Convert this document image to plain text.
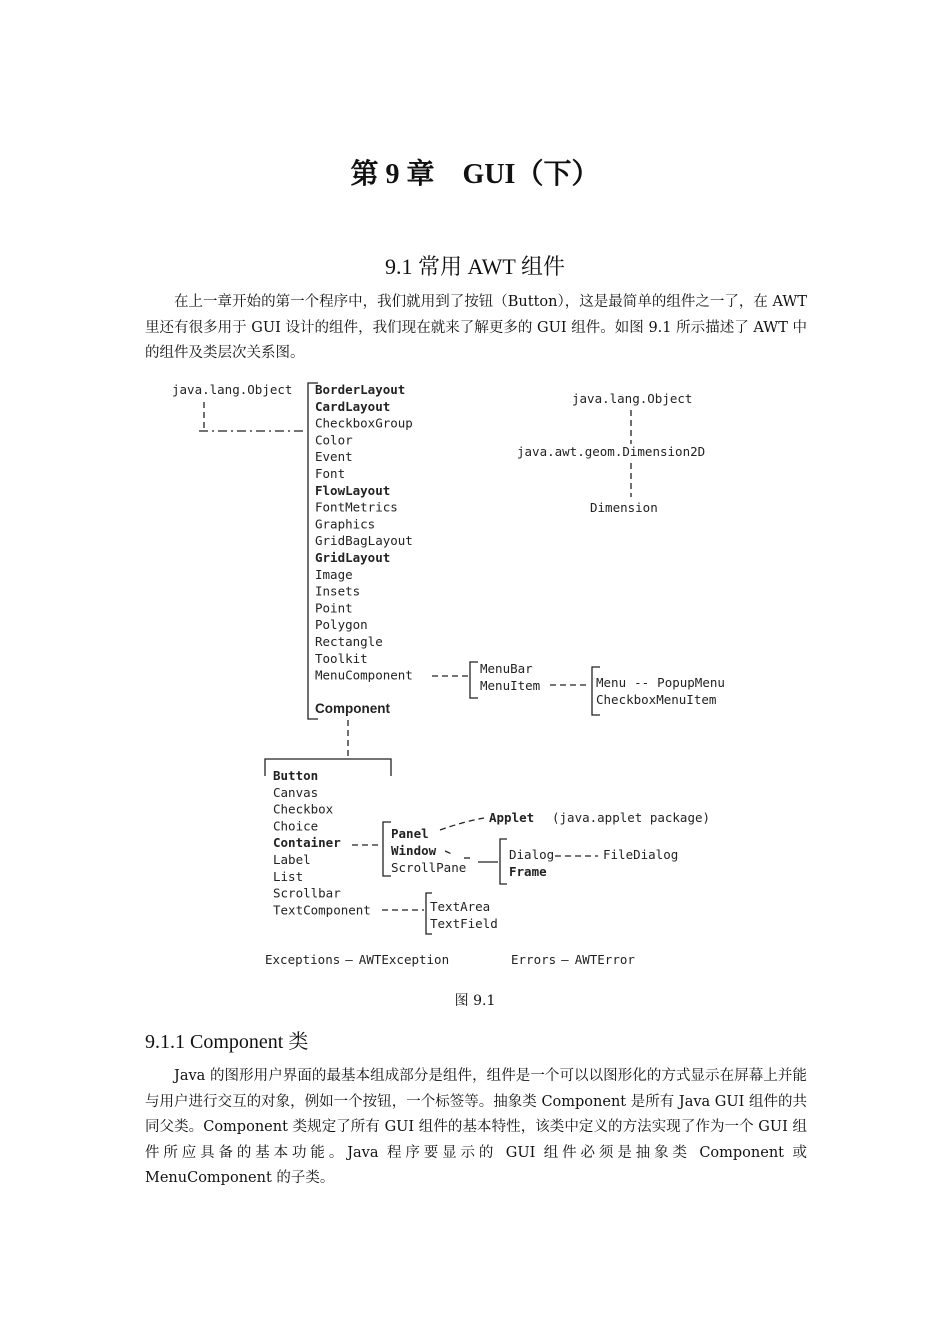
第 9 章　GUI（下）
9.1 常用 AWT 组件

在上一章开始的第一个程序中，我们就用到了按钮（Button），这是最简单的组件之一了，在 AWT 里还有很多用于 GUI 设计的组件，我们现在就来了解更多的 GUI 组件。如图 9.1 所示描述了 AWT 中的组件及类层次关系图。

java.lang.Object BorderLayout
CardLayout
CheckboxGroup
Color
Event
Font
FlowLayout
FontMetrics
Graphics
GridBagLayout
GridLayout
Image
Insets
Point
Polygon
Rectangle
Toolkit
MenuComponent
Component
java.lang.Object
java.awt.geom.Dimension2D
Dimension
MenuBar
MenuItem	Menu -- PopupMenu
CheckboxMenuItem
Button
Canvas
Checkbox
Choice
Container
Label
List
Scrollbar
TextComponent
Panel
Window
ScrollPane
Applet (java.applet package)
Dialog
Frame
FileDialog
TextArea
TextField
Exceptions – AWTException	Errors – AWTError
图 9.1
9.1.1 Component 类

Java 的图形用户界面的最基本组成部分是组件，组件是一个可以以图形化的方式显示在屏幕上并能与用户进行交互的对象，例如一个按钮，一个标签等。抽象类 Component 是所有 Java GUI 组件的共同父类。Component 类规定了所有 GUI 组件的基本特性，该类中定义的方法实现了作为一个 GUI 组件所应具备的基本功能。Java 程序要显示的 GUI 组件必须是抽象类 Component 或 MenuComponent 的子类。
